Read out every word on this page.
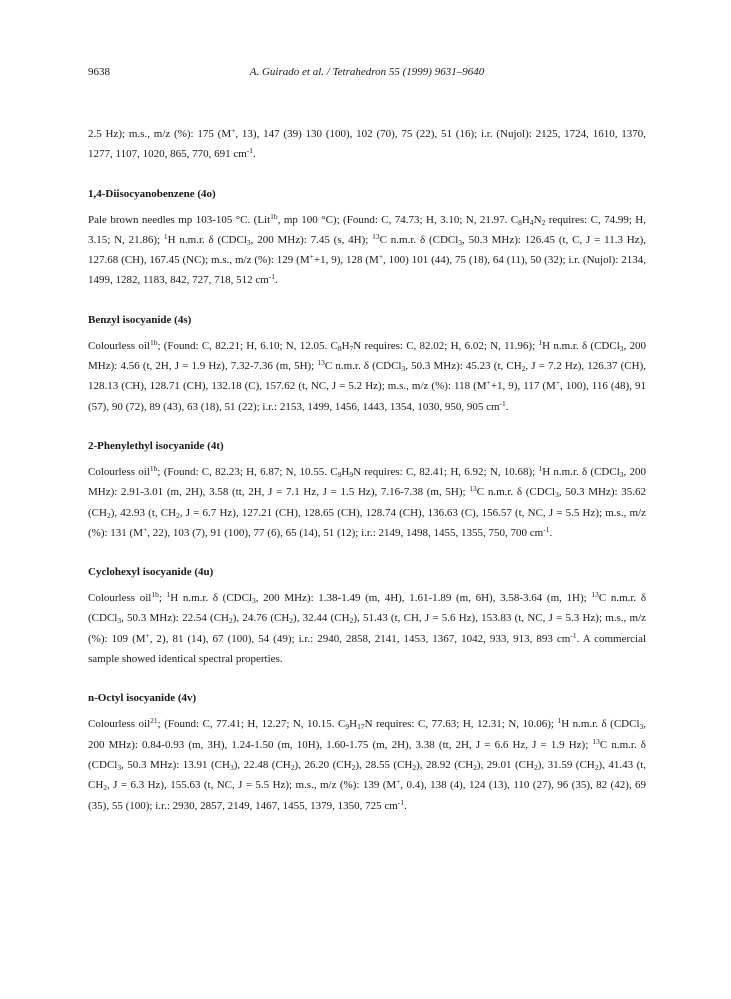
9638	A. Guirado et al. / Tetrahedron 55 (1999) 9631–9640

2.5 Hz); m.s., m/z (%): 175 (M+, 13), 147 (39) 130 (100), 102 (70), 75 (22), 51 (16); i.r. (Nujol): 2125, 1724, 1610, 1370, 1277, 1107, 1020, 865, 770, 691 $cm^{-1}$.

1,4-Diisocyanobenzene (4o)

Pale brown needles mp 103-105 °C. (Lit$^{1b}$, mp 100 °C); (Found: C, 74.73; H, 3.10; N, 21.97. $C_8H_4N_2$ requires: C, 74.99; H, 3.15; N, 21.86); $^1$H n.m.r. δ (CDCl$_3$, 200 MHz): 7.45 (s, 4H); $^{13}$C n.m.r. δ (CDCl$_3$, 50.3 MHz): 126.45 (t, C, J = 11.3 Hz), 127.68 (CH), 167.45 (NC); m.s., m/z (%): 129 (M++1, 9), 128 (M+, 100) 101 (44), 75 (18), 64 (11), 50 (32); i.r. (Nujol): 2134, 1499, 1282, 1183, 842, 727, 718, 512 $cm^{-1}$.

Benzyl isocyanide (4s)

Colourless oil$^{1b}$; (Found: C, 82.21; H, 6.10; N, 12.05. $C_8H_7N$ requires: C, 82.02; H, 6.02; N, 11.96); $^1$H n.m.r. δ (CDCl$_3$, 200 MHz): 4.56 (t, 2H, J = 1.9 Hz), 7.32-7.36 (m, 5H); $^{13}$C n.m.r. δ (CDCl$_3$, 50.3 MHz): 45.23 (t, $CH_2$, J = 7.2 Hz), 126.37 (CH), 128.13 (CH), 128.71 (CH), 132.18 (C), 157.62 (t, NC, J = 5.2 Hz); m.s., m/z (%): 118 (M++1, 9), 117 (M+, 100), 116 (48), 91 (57), 90 (72), 89 (43), 63 (18), 51 (22); i.r.: 2153, 1499, 1456, 1443, 1354, 1030, 950, 905 $cm^{-1}$.

2-Phenylethyl isocyanide (4t)

Colourless oil$^{1b}$; (Found: C, 82.23; H, 6.87; N, 10.55. $C_9H_9N$ requires: C, 82.41; H, 6.92; N, 10.68); $^1$H n.m.r. δ (CDCl$_3$, 200 MHz): 2.91-3.01 (m, 2H), 3.58 (tt, 2H, J = 7.1 Hz, J = 1.5 Hz), 7.16-7.38 (m, 5H); $^{13}$C n.m.r. δ (CDCl$_3$, 50.3 MHz): 35.62 $(CH_2)$, 42.93 (t, $CH_2$, J = 6.7 Hz), 127.21 (CH), 128.65 (CH), 128.74 (CH), 136.63 (C), 156.57 (t, NC, J = 5.5 Hz); m.s., m/z (%): 131 (M+, 22), 103 (7), 91 (100), 77 (6), 65 (14), 51 (12); i.r.: 2149, 1498, 1455, 1355, 750, 700 $cm^{-1}$.

Cyclohexyl isocyanide (4u)

Colourless oil$^{1b}$; $^1$H n.m.r. δ (CDCl$_3$, 200 MHz): 1.38-1.49 (m, 4H), 1.61-1.89 (m, 6H), 3.58-3.64 (m, 1H); $^{13}$C n.m.r. δ (CDCl$_3$, 50.3 MHz): 22.54 $(CH_2)$, 24.76 $(CH_2)$, 32.44 $(CH_2)$, 51.43 (t, CH, J = 5.6 Hz), 153.83 (t, NC, J = 5.3 Hz); m.s., m/z (%): 109 (M+, 2), 81 (14), 67 (100), 54 (49); i.r.: 2940, 2858, 2141, 1453, 1367, 1042, 933, 913, 893 $cm^{-1}$. A commercial sample showed identical spectral properties.

n-Octyl isocyanide (4v)

Colourless oil$^{21}$; (Found: C, 77.41; H, 12.27; N, 10.15. $C_9H_{17}N$ requires: C, 77.63; H, 12.31; N, 10.06); $^1$H n.m.r. δ (CDCl$_3$, 200 MHz): 0.84-0.93 (m, 3H), 1.24-1.50 (m, 10H), 1.60-1.75 (m, 2H), 3.38 (tt, 2H, J = 6.6 Hz, J = 1.9 Hz); $^{13}$C n.m.r. δ (CDCl$_3$, 50.3 MHz): 13.91 $(CH_3)$, 22.48 $(CH_2)$, 26.20 $(CH_2)$, 28.55 $(CH_2)$, 28.92 $(CH_2)$, 29.01 $(CH_2)$, 31.59 $(CH_2)$, 41.43 (t, $CH_2$, J = 6.3 Hz), 155.63 (t, NC, J = 5.5 Hz); m.s., m/z (%): 139 (M+, 0.4), 138 (4), 124 (13), 110 (27), 96 (35), 82 (42), 69 (35), 55 (100); i.r.: 2930, 2857, 2149, 1467, 1455, 1379, 1350, 725 $cm^{-1}$.
